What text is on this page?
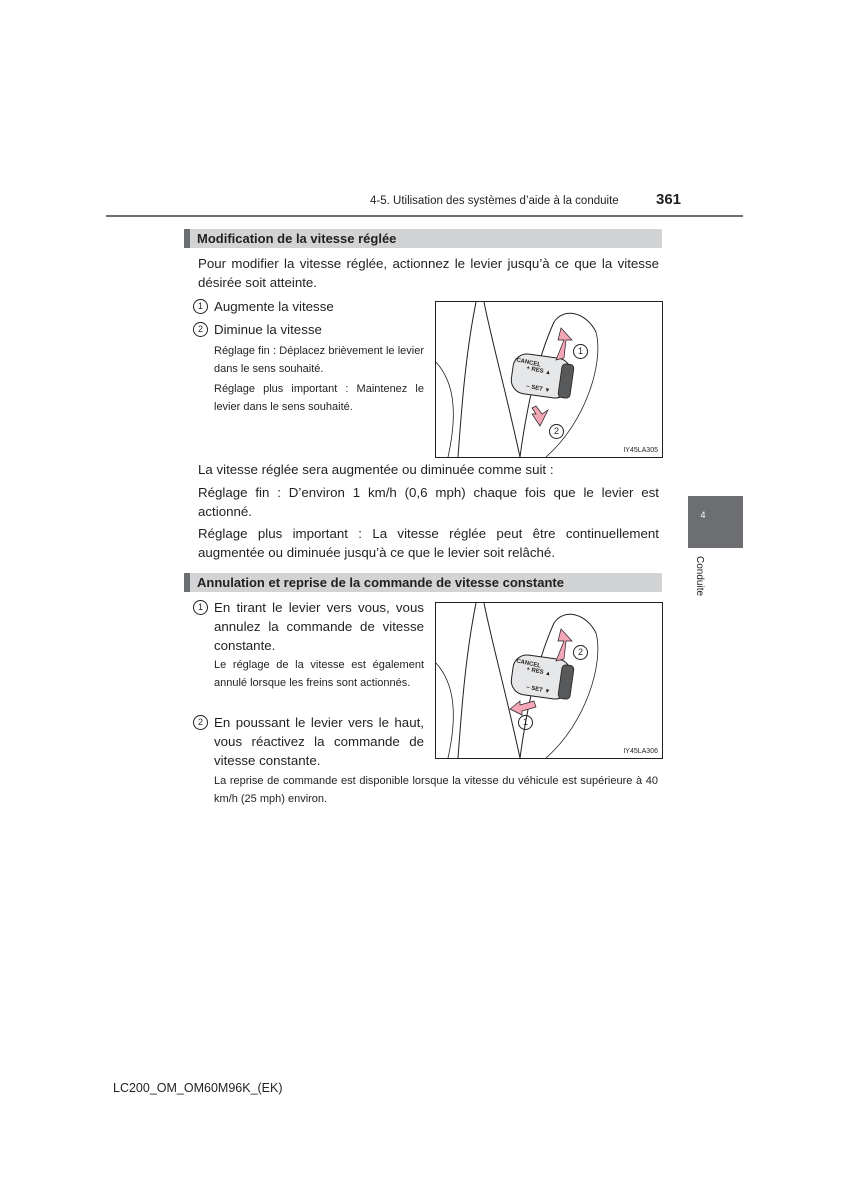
4-5. Utilisation des systèmes d’aide à la conduite 361
4
Conduite
Modification de la vitesse réglée
Pour modifier la vitesse réglée, actionnez le levier jusqu’à ce que la vitesse désirée soit atteinte.
1 Augmente la vitesse
2 Diminue la vitesse
Réglage fin : Déplacez brièvement le levier dans le sens souhaité.
Réglage plus important : Maintenez le levier dans le sens souhaité.
CANCEL
+ RES ▲
– SET ▼
1
2
IY45LA305
La vitesse réglée sera augmentée ou diminuée comme suit :
Réglage fin : D’environ 1 km/h (0,6 mph) chaque fois que le levier est actionné.
Réglage plus important : La vitesse réglée peut être continuellement augmentée ou diminuée jusqu’à ce que le levier soit relâché.
Annulation et reprise de la commande de vitesse constante
1 En tirant le levier vers vous, vous annulez la commande de vitesse constante.
Le réglage de la vitesse est également annulé lorsque les freins sont actionnés.
2 En poussant le levier vers le haut, vous réactivez la commande de vitesse constante.
CANCEL
+ RES ▲
– SET ▼
2
1
IY45LA306
La reprise de commande est disponible lorsque la vitesse du véhicule est supérieure à 40 km/h (25 mph) environ.
LC200_OM_OM60M96K_(EK)
